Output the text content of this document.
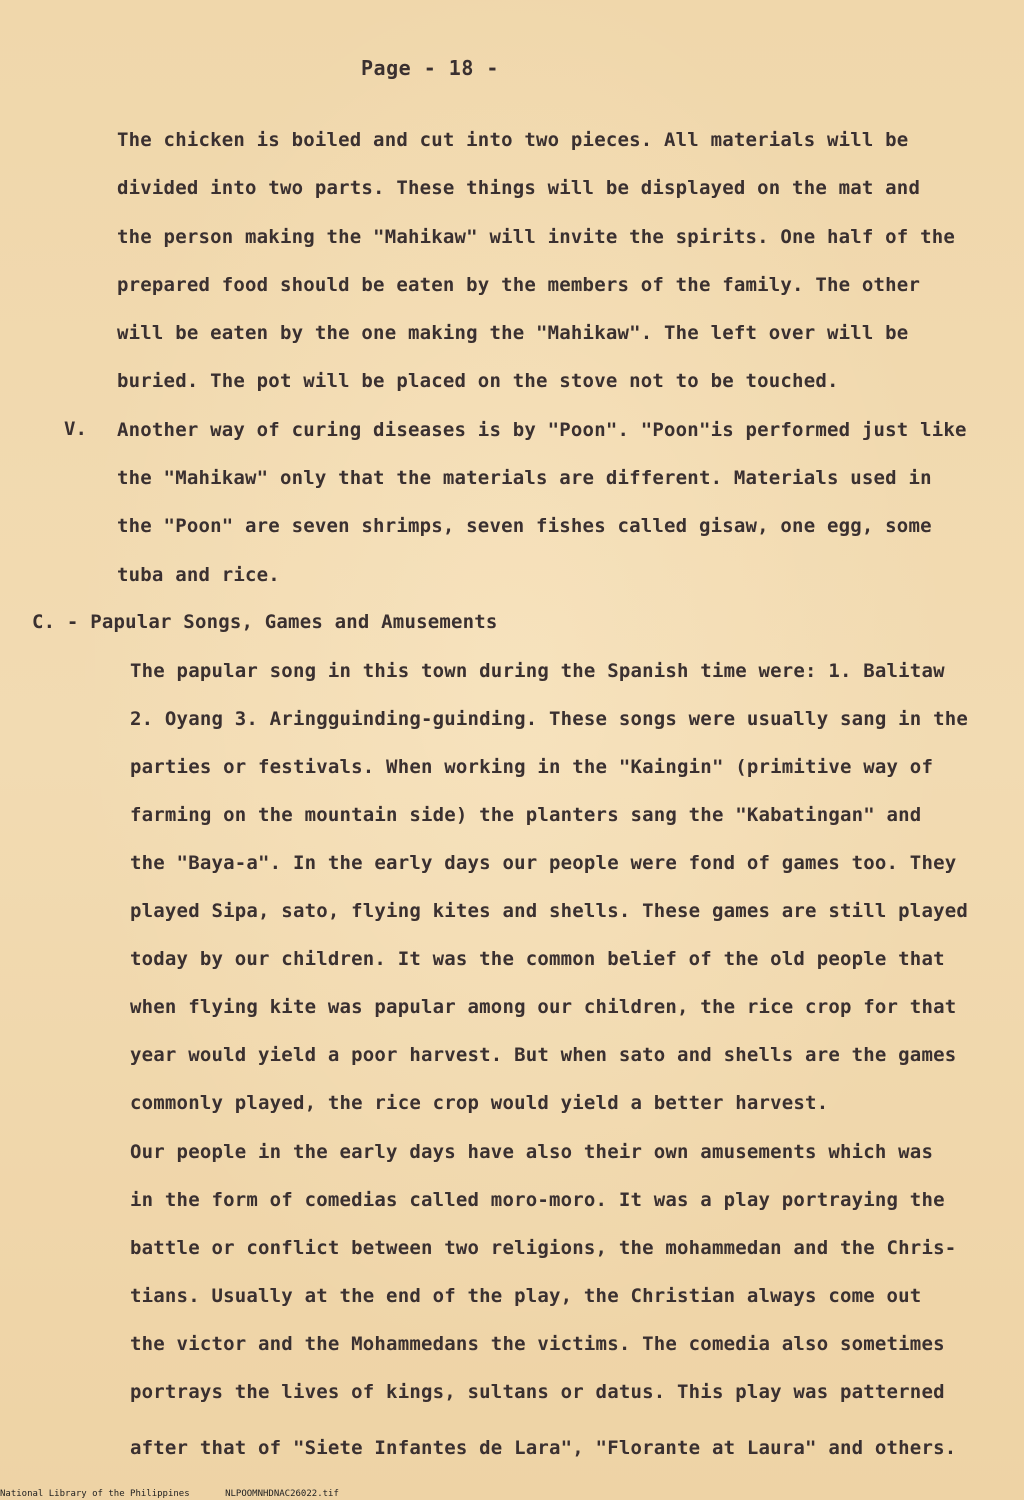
Page - 18 -
The chicken is boiled and cut into two pieces. All materials will be
divided into two parts. These things will be displayed on the mat and
the person making the "Mahikaw" will invite the spirits. One half of the
prepared food should be eaten by the members of the family. The other
will be eaten by the one making the "Mahikaw". The left over will be
buried. The pot will be placed on the stove not to be touched.
V. Another way of curing diseases is by "Poon". "Poon"is performed just like
the "Mahikaw" only that the materials are different. Materials used in
the "Poon" are seven shrimps, seven fishes called gisaw, one egg, some
tuba and rice.
C. - Papular Songs, Games and Amusements
The papular song in this town during the Spanish time were: 1. Balitaw
2. Oyang 3. Aringguinding-guinding. These songs were usually sang in the
parties or festivals. When working in the "Kaingin" (primitive way of
farming on the mountain side) the planters sang the "Kabatingan" and
the "Baya-a". In the early days our people were fond of games too. They
played Sipa, sato, flying kites and shells. These games are still played
today by our children. It was the common belief of the old people that
when flying kite was papular among our children, the rice crop for that
year would yield a poor harvest. But when sato and shells are the games
commonly played, the rice crop would yield a better harvest.
Our people in the early days have also their own amusements which was
in the form of comedias called moro-moro. It was a play portraying the
battle or conflict between two religions, the mohammedan and the Chris-
tians. Usually at the end of the play, the Christian always come out
the victor and the Mohammedans the victims. The comedia also sometimes
portrays the lives of kings, sultans or datus. This play was patterned
after that of "Siete Infantes de Lara", "Florante at Laura" and others.
National Library of the Philippines	NLPOOMNHDNAC26022.tif
